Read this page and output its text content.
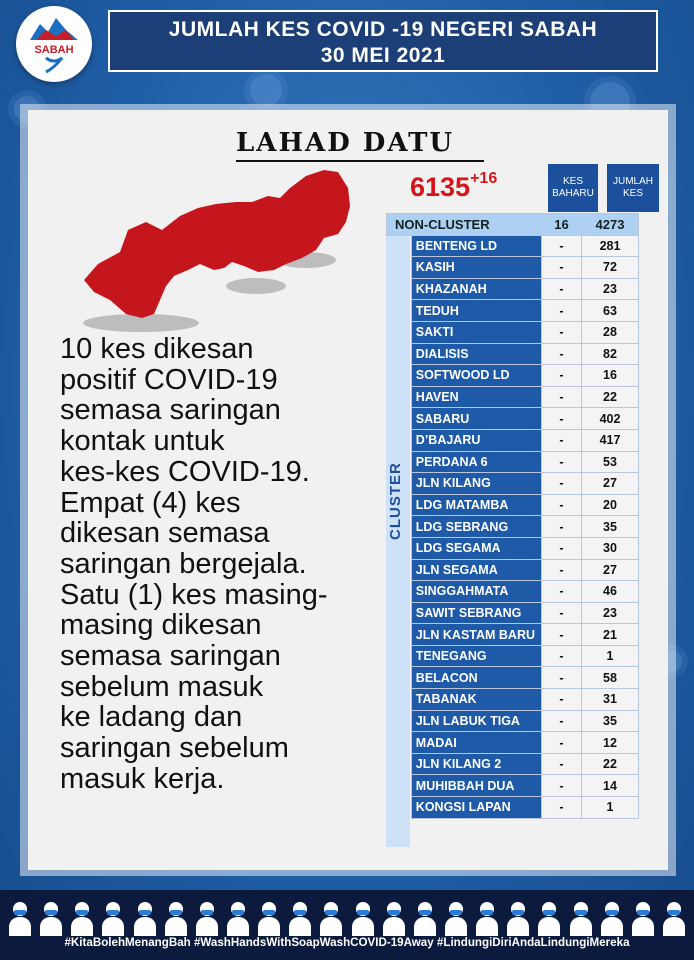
SABAH
JUMLAH KES COVID -19 NEGERI SABAH
30 MEI 2021
LAHAD DATU
$6135^{+16}$	KES BAHARU
JUMLAH KES
10 kes dikesan
positif COVID-19
semasa saringan
kontak untuk
kes-kes COVID-19.
Empat (4) kes
dikesan semasa
saringan bergejala.
Satu (1) kes masing-
masing dikesan
semasa saringan
sebelum masuk
ke ladang dan
saringan sebelum
masuk kerja.
CLUSTER
NON-CLUSTER		16	4273
	BENTENG LD	-	281
	KASIH	-	72
	KHAZANAH	-	23
	TEDUH	-	63
	SAKTI	-	28
	DIALISIS	-	82
	SOFTWOOD LD	-	16
	HAVEN	-	22
	SABARU	-	402
	D’BAJARU	-	417
	PERDANA 6	-	53
	JLN KILANG	-	27
	LDG MATAMBA	-	20
	LDG SEBRANG	-	35
	LDG SEGAMA	-	30
	JLN SEGAMA	-	27
	SINGGAHMATA	-	46
	SAWIT SEBRANG	-	23
	JLN KASTAM BARU	-	21
	TENEGANG	-	1
	BELACON	-	58
	TABANAK	-	31
	JLN LABUK TIGA	-	35
	MADAI	-	12
	JLN KILANG 2	-	22
	MUHIBBAH DUA	-	14
	KONGSI LAPAN	-	1
#KitaBolehMenangBah #WashHandsWithSoapWashCOVID-19Away #LindungiDiriAndaLindungiMereka
